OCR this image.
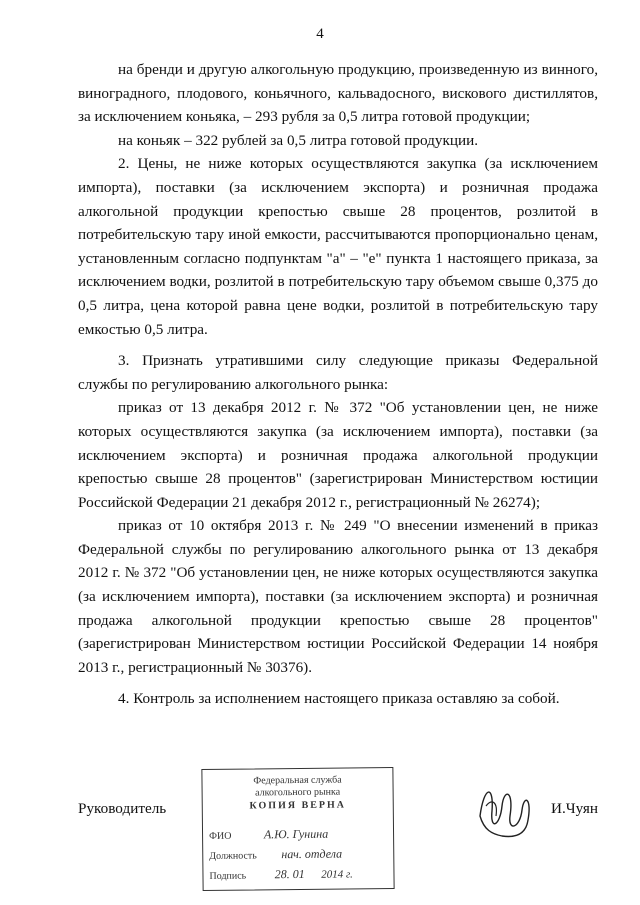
4

на бренди и другую алкогольную продукцию, произведенную из винного, виноградного, плодового, коньячного, кальвадосного, вискового дистиллятов, за исключением коньяка, – 293 рубля за 0,5 литра готовой продукции;

на коньяк – 322 рублей за 0,5 литра готовой продукции.

2. Цены, не ниже которых осуществляются закупка (за исключением импорта), поставки (за исключением экспорта) и розничная продажа алкогольной продукции крепостью свыше 28 процентов, розлитой в потребительскую тару иной емкости, рассчитываются пропорционально ценам, установленным согласно подпунктам "а" – "е" пункта 1 настоящего приказа, за исключением водки, розлитой в потребительскую тару объемом свыше 0,375 до 0,5 литра, цена которой равна цене водки, розлитой в потребительскую тару емкостью 0,5 литра.

3. Признать утратившими силу следующие приказы Федеральной службы по регулированию алкогольного рынка:

приказ от 13 декабря 2012 г. № 372 "Об установлении цен, не ниже которых осуществляются закупка (за исключением импорта), поставки (за исключением экспорта) и розничная продажа алкогольной продукции крепостью свыше 28 процентов" (зарегистрирован Министерством юстиции Российской Федерации 21 декабря 2012 г., регистрационный № 26274);

приказ от 10 октября 2013 г. № 249 "О внесении изменений в приказ Федеральной службы по регулированию алкогольного рынка от 13 декабря 2012 г. № 372 "Об установлении цен, не ниже которых осуществляются закупка (за исключением импорта), поставки (за исключением экспорта) и розничная продажа алкогольной продукции крепостью свыше 28 процентов" (зарегистрирован Министерством юстиции Российской Федерации 14 ноября 2013 г., регистрационный № 30376).

4. Контроль за исполнением настоящего приказа оставляю за собой.

Федеральная служба
алкогольного рынка
КОПИЯ ВЕРНА
ФИО	А.Ю. Гунина
Должность нач. отдела
Подпись 28. 01 2014 г.
Руководитель	И.Чуян
